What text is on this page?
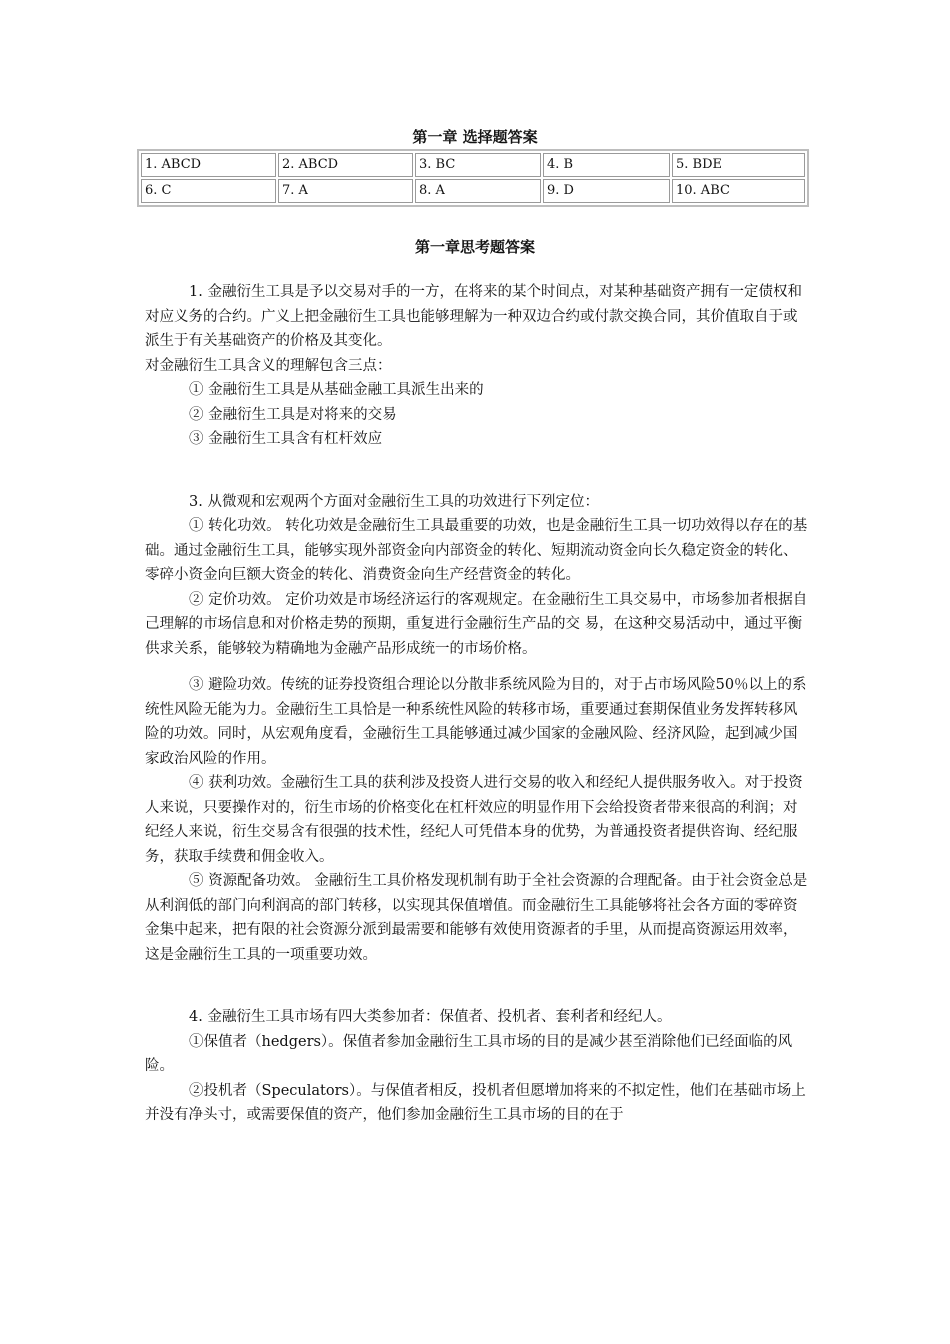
第一章 选择题答案
1. ABCD	2. ABCD	3. BC	4. B	5. BDE
6. C	7. A	8. A	9. D	10. ABC
第一章思考题答案

1. 金融衍生工具是予以交易对手的一方，在将来的某个时间点，对某种基础资产拥有一定债权和对应义务的合约。广义上把金融衍生工具也能够理解为一种双边合约或付款交换合同，其价值取自于或派生于有关基础资产的价格及其变化。

对金融衍生工具含义的理解包含三点：

① 金融衍生工具是从基础金融工具派生出来的

② 金融衍生工具是对将来的交易

③ 金融衍生工具含有杠杆效应

3. 从微观和宏观两个方面对金融衍生工具的功效进行下列定位：

① 转化功效。 转化功效是金融衍生工具最重要的功效，也是金融衍生工具一切功效得以存在的基础。通过金融衍生工具，能够实现外部资金向内部资金的转化、短期流动资金向长久稳定资金的转化、零碎小资金向巨额大资金的转化、消费资金向生产经营资金的转化。

② 定价功效。 定价功效是市场经济运行的客观规定。在金融衍生工具交易中，市场参加者根据自己理解的市场信息和对价格走势的预期，重复进行金融衍生产品的交 易，在这种交易活动中，通过平衡供求关系，能够较为精确地为金融产品形成统一的市场价格。

③ 避险功效。传统的证券投资组合理论以分散非系统风险为目的，对于占市场风险50％以上的系统性风险无能为力。金融衍生工具恰是一种系统性风险的转移市场，重要通过套期保值业务发挥转移风险的功效。同时，从宏观角度看，金融衍生工具能够通过减少国家的金融风险、经济风险，起到减少国家政治风险的作用。

④ 获利功效。金融衍生工具的获利涉及投资人进行交易的收入和经纪人提供服务收入。对于投资人来说，只要操作对的，衍生市场的价格变化在杠杆效应的明显作用下会给投资者带来很高的利润；对纪经人来说，衍生交易含有很强的技术性，经纪人可凭借本身的优势，为普通投资者提供咨询、经纪服务，获取手续费和佣金收入。

⑤ 资源配备功效。 金融衍生工具价格发现机制有助于全社会资源的合理配备。由于社会资金总是从利润低的部门向利润高的部门转移，以实现其保值增值。而金融衍生工具能够将社会各方面的零碎资金集中起来，把有限的社会资源分派到最需要和能够有效使用资源者的手里，从而提高资源运用效率，这是金融衍生工具的一项重要功效。

4. 金融衍生工具市场有四大类参加者：保值者、投机者、套利者和经纪人。

①保值者（hedgers）。保值者参加金融衍生工具市场的目的是减少甚至消除他们已经面临的风险。

②投机者（Speculators）。与保值者相反，投机者但愿增加将来的不拟定性，他们在基础市场上并没有净头寸，或需要保值的资产，他们参加金融衍生工具市场的目的在于
